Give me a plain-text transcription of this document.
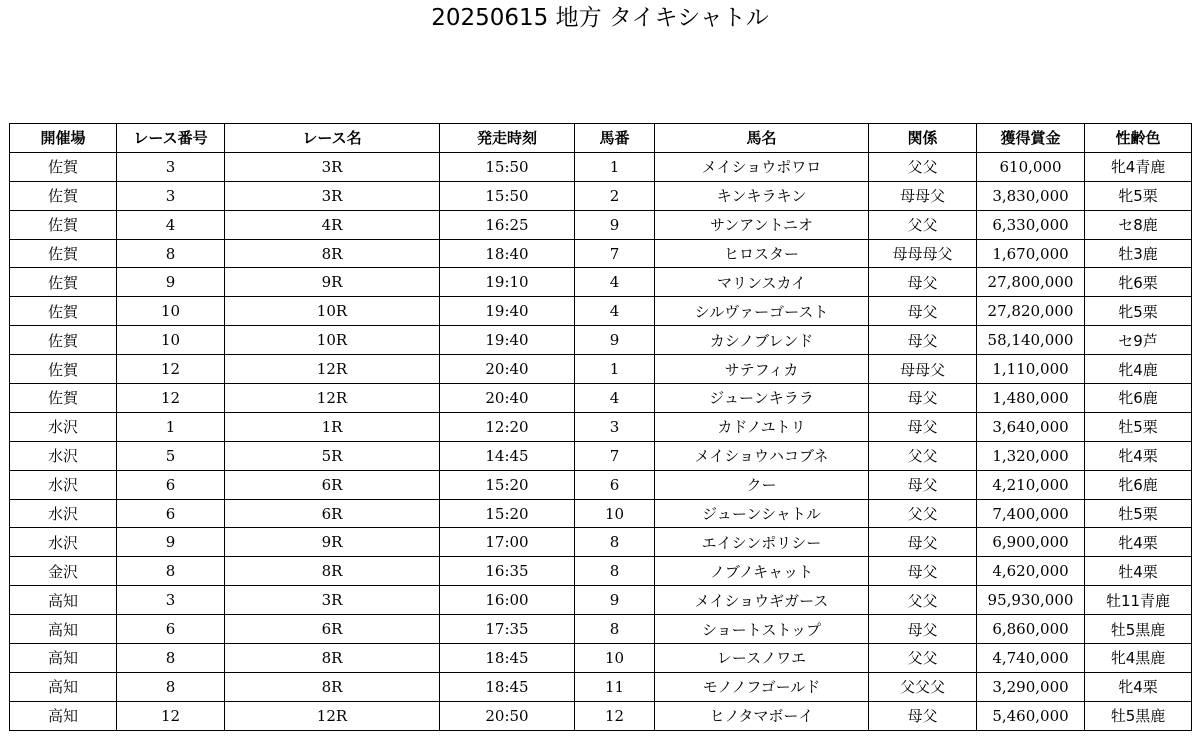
20250615 地方 タイキシャトル
開催場	レース番号	レース名	発走時刻	馬番	馬名	関係	獲得賞金	性齢色
佐賀	3	3R	15:50	1	メイショウポワロ	父父	610,000	牝4青鹿
佐賀	3	3R	15:50	2	キンキラキン	母母父	3,830,000	牝5栗
佐賀	4	4R	16:25	9	サンアントニオ	父父	6,330,000	セ8鹿
佐賀	8	8R	18:40	7	ヒロスター	母母母父	1,670,000	牡3鹿
佐賀	9	9R	19:10	4	マリンスカイ	母父	27,800,000	牝6栗
佐賀	10	10R	19:40	4	シルヴァーゴースト	母父	27,820,000	牝5栗
佐賀	10	10R	19:40	9	カシノブレンド	母父	58,140,000	セ9芦
佐賀	12	12R	20:40	1	サテフィカ	母母父	1,110,000	牝4鹿
佐賀	12	12R	20:40	4	ジューンキララ	母父	1,480,000	牝6鹿
水沢	1	1R	12:20	3	カドノユトリ	母父	3,640,000	牡5栗
水沢	5	5R	14:45	7	メイショウハコブネ	父父	1,320,000	牝4栗
水沢	6	6R	15:20	6	クー	母父	4,210,000	牝6鹿
水沢	6	6R	15:20	10	ジューンシャトル	父父	7,400,000	牡5栗
水沢	9	9R	17:00	8	エイシンポリシー	母父	6,900,000	牝4栗
金沢	8	8R	16:35	8	ノブノキャット	母父	4,620,000	牡4栗
高知	3	3R	16:00	9	メイショウギガース	父父	95,930,000	牡11青鹿
高知	6	6R	17:35	8	ショートストップ	母父	6,860,000	牡5黒鹿
高知	8	8R	18:45	10	レースノワエ	父父	4,740,000	牝4黒鹿
高知	8	8R	18:45	11	モノノフゴールド	父父父	3,290,000	牝4栗
高知	12	12R	20:50	12	ヒノタマボーイ	母父	5,460,000	牡5黒鹿
